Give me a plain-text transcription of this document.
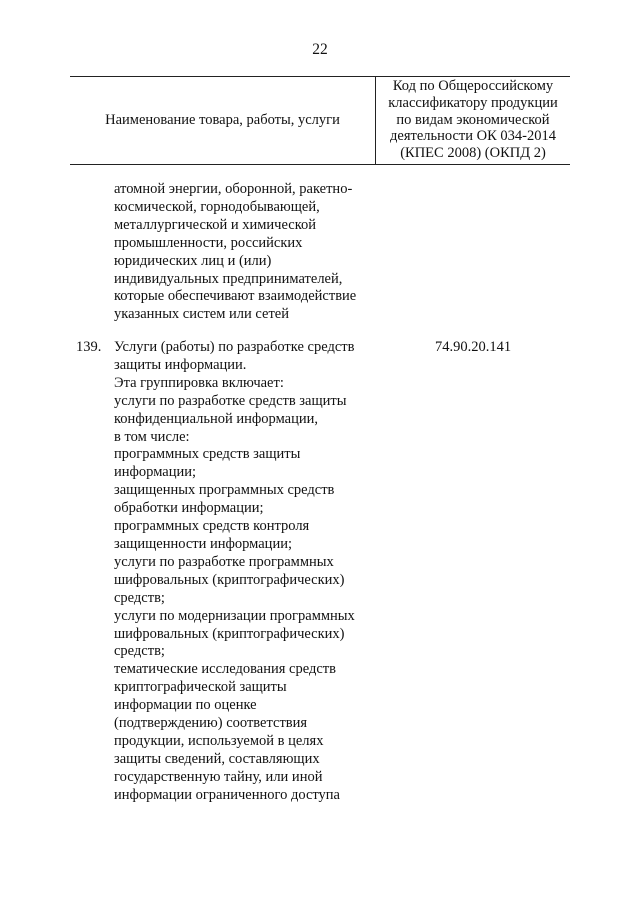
22
Наименование товара, работы, услуги
Код по Общероссийскому
классификатору продукции
по видам экономической
деятельности ОК 034-2014
(КПЕС 2008) (ОКПД 2)
атомной энергии, оборонной, ракетно-
космической, горнодобывающей,
металлургической и химической
промышленности, российских
юридических лиц и (или)
индивидуальных предпринимателей,
которые обеспечивают взаимодействие
указанных систем или сетей
139.	74.90.20.141
Услуги (работы) по разработке средств
защиты информации.
Эта группировка включает:
услуги по разработке средств защиты
конфиденциальной информации,
в том числе:
программных средств защиты
информации;
защищенных программных средств
обработки информации;
программных средств контроля
защищенности информации;
услуги по разработке программных
шифровальных (криптографических)
средств;
услуги по модернизации программных
шифровальных (криптографических)
средств;
тематические исследования средств
криптографической защиты
информации по оценке
(подтверждению) соответствия
продукции, используемой в целях
защиты сведений, составляющих
государственную тайну, или иной
информации ограниченного доступа
